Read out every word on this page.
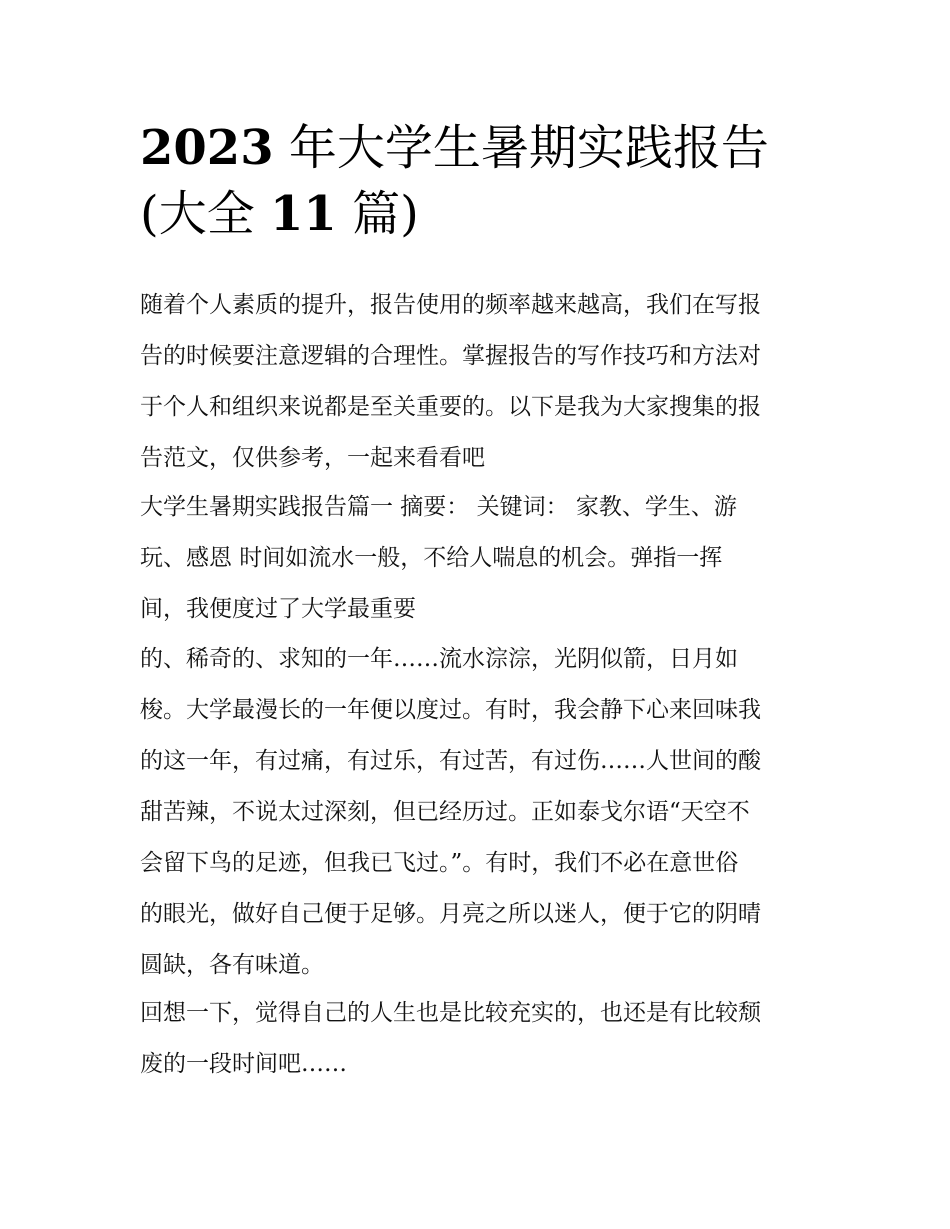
2023 年大学生暑期实践报告
(大全 11 篇)
随着个人素质的提升，报告使用的频率越来越高，我们在写报
告的时候要注意逻辑的合理性。掌握报告的写作技巧和方法对
于个人和组织来说都是至关重要的。以下是我为大家搜集的报
告范文，仅供参考，一起来看看吧
大学生暑期实践报告篇一 摘要： 关键词： 家教、学生、游
玩、感恩 时间如流水一般，不给人喘息的机会。弹指一挥
间，我便度过了大学最重要
的、稀奇的、求知的一年……流水淙淙，光阴似箭，日月如
梭。大学最漫长的一年便以度过。有时，我会静下心来回味我
的这一年，有过痛，有过乐，有过苦，有过伤……人世间的酸
甜苦辣，不说太过深刻，但已经历过。正如泰戈尔语“天空不
会留下鸟的足迹，但我已飞过。”。有时，我们不必在意世俗
的眼光，做好自己便于足够。月亮之所以迷人，便于它的阴晴
圆缺，各有味道。
回想一下，觉得自己的人生也是比较充实的，也还是有比较颓
废的一段时间吧……
